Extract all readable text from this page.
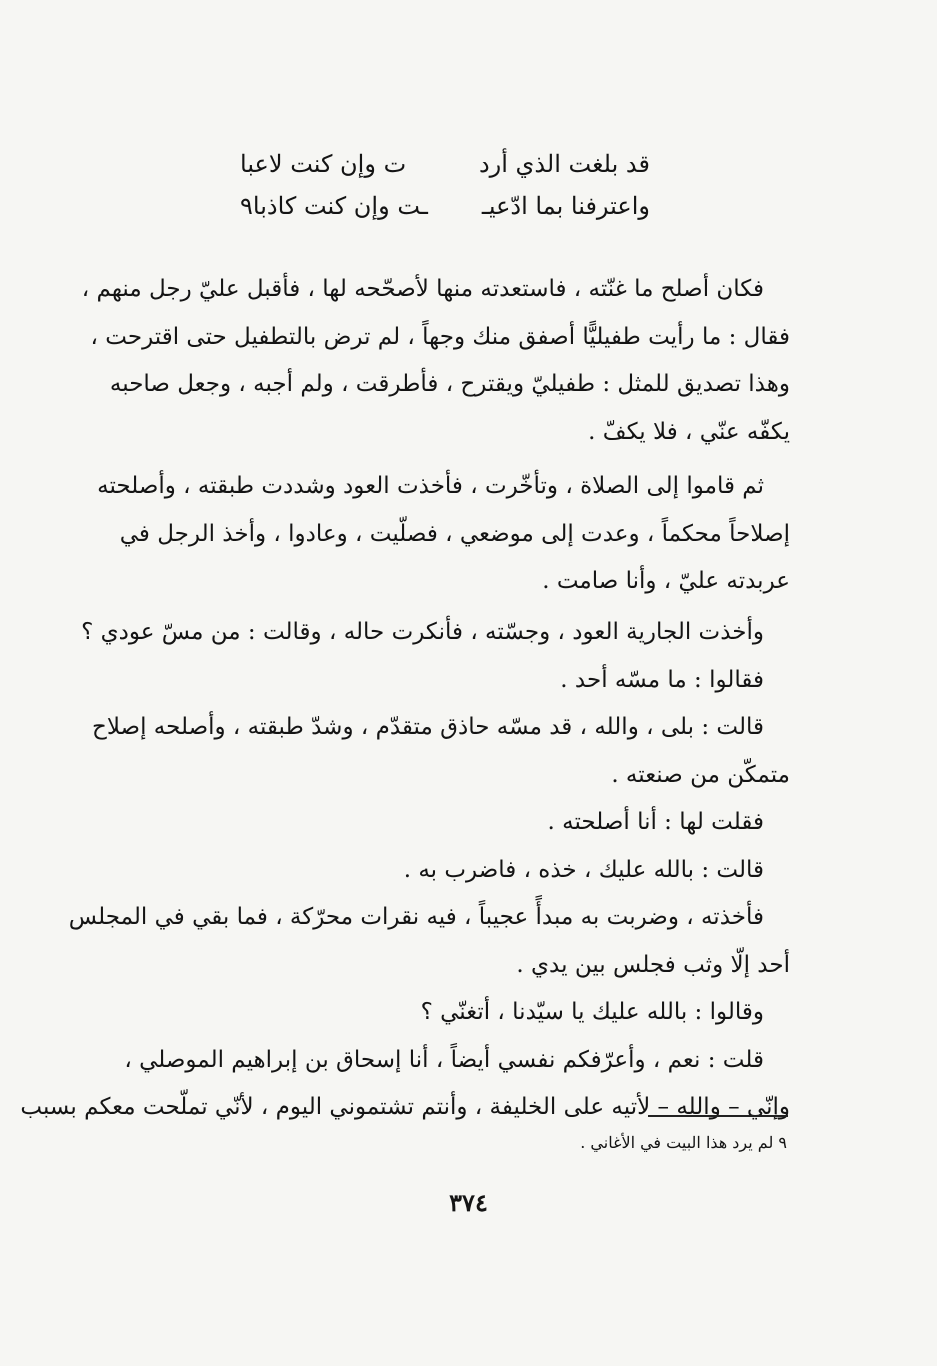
قد بلغت الذي أرد
ت وإن كنت لاعبا
واعترفنا بما ادّعيـ
ـت وإن كنت كاذبا٩
فكان أصلح ما غنّته ، فاستعدته منها لأصحّحه لها ، فأقبل عليّ رجل منهم ،
فقال : ما رأيت طفيليًّا أصفق منك وجهاً ، لم ترض بالتطفيل حتى اقترحت ،
وهذا تصديق للمثل : طفيليّ ويقترح ، فأطرقت ، ولم أجبه ، وجعل صاحبه
يكفّه عنّي ، فلا يكفّ .
ثم قاموا إلى الصلاة ، وتأخّرت ، فأخذت العود وشددت طبقته ، وأصلحته
إصلاحاً محكماً ، وعدت إلى موضعي ، فصلّيت ، وعادوا ، وأخذ الرجل في
عربدته عليّ ، وأنا صامت .
وأخذت الجارية العود ، وجسّته ، فأنكرت حاله ، وقالت : من مسّ عودي ؟
فقالوا : ما مسّه أحد .
قالت : بلى ، والله ، قد مسّه حاذق متقدّم ، وشدّ طبقته ، وأصلحه إصلاح
متمكّن من صنعته .
فقلت لها : أنا أصلحته .
قالت : بالله عليك ، خذه ، فاضرب به .
فأخذته ، وضربت به مبدأً عجيباً ، فيه نقرات محرّكة ، فما بقي في المجلس
أحد إلّا وثب فجلس بين يدي .
وقالوا : بالله عليك يا سيّدنا ، أتغنّي ؟
قلت : نعم ، وأعرّفكم نفسي أيضاً ، أنا إسحاق بن إبراهيم الموصلي ،
وإنّي – والله – لأتيه على الخليفة ، وأنتم تشتموني اليوم ، لأنّي تملّحت معكم بسبب
٩ لم يرد هذا البيت في الأغاني .
٣٧٤
